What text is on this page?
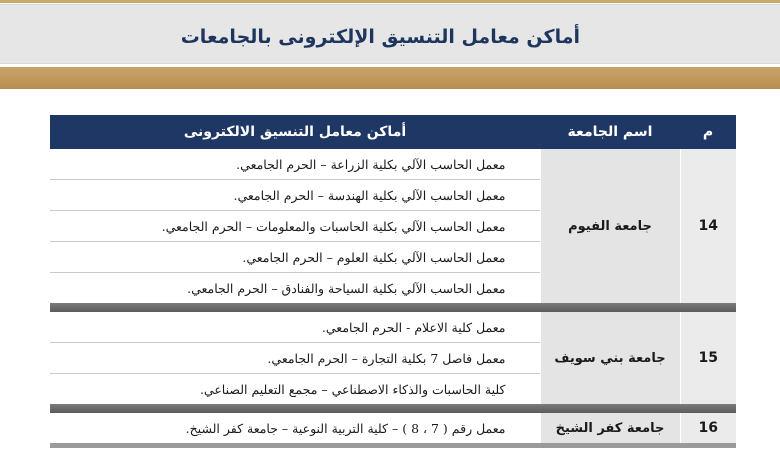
أماكن معامل التنسيق الإلكترونى بالجامعات
م	اسم الجامعة	أماكن معامل التنسيق الالكترونى
14	جامعة الفيوم	معمل الحاسب الآلي بكلية الزراعة – الحرم الجامعي.
		معمل الحاسب الآلي بكلية الهندسة – الحرم الجامعي.
		معمل الحاسب الآلي بكلية الحاسبات والمعلومات – الحرم الجامعي.
		معمل الحاسب الآلي بكلية العلوم – الحرم الجامعي.
		معمل الحاسب الآلي بكلية السياحة والفنادق – الحرم الجامعي.

15	جامعة بني سويف	معمل كلية الاعلام - الحرم الجامعي.
		معمل فاصل 7 بكلية التجارة – الحرم الجامعي.
		كلية الحاسبات والذكاء الاصطناعي – مجمع التعليم الصناعي.

16	جامعة كفر الشيخ	معمل رقم ( 7 ، 8 ) – كلية التربية النوعية – جامعة كفر الشيخ.
